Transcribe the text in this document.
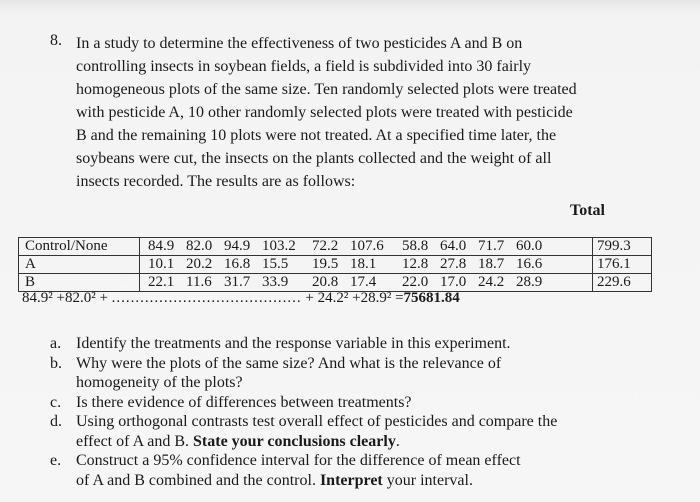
8. In a study to determine the effectiveness of two pesticides A and B on
controlling insects in soybean fields, a field is subdivided into 30 fairly
homogeneous plots of the same size. Ten randomly selected plots were treated
with pesticide A, 10 other randomly selected plots were treated with pesticide
B and the remaining 10 plots were not treated. At a specified time later, the
soybeans were cut, the insects on the plants collected and the weight of all
insects recorded. The results are as follows:
Total
Control/None	84.9 82.0 94.9 103.2 72.2 107.6 58.8 64.0 71.7 60.0	799.3
A	10.1 20.2 16.8 15.5 19.5 18.1 12.8 27.8 18.7 16.6	176.1
B	22.1 11.6 31.7 33.9 20.8 17.4 22.0 17.0 24.2 28.9	229.6
84.9² +82.0² + ........................................ + 24.2² +28.9² =75681.84
a. Identify the treatments and the response variable in this experiment.
b. Why were the plots of the same size? And what is the relevance of
homogeneity of the plots?
c. Is there evidence of differences between treatments?
d. Using orthogonal contrasts test overall effect of pesticides and compare the
effect of A and B. State your conclusions clearly.
e. Construct a 95% confidence interval for the difference of mean effect
of A and B combined and the control. Interpret your interval.
